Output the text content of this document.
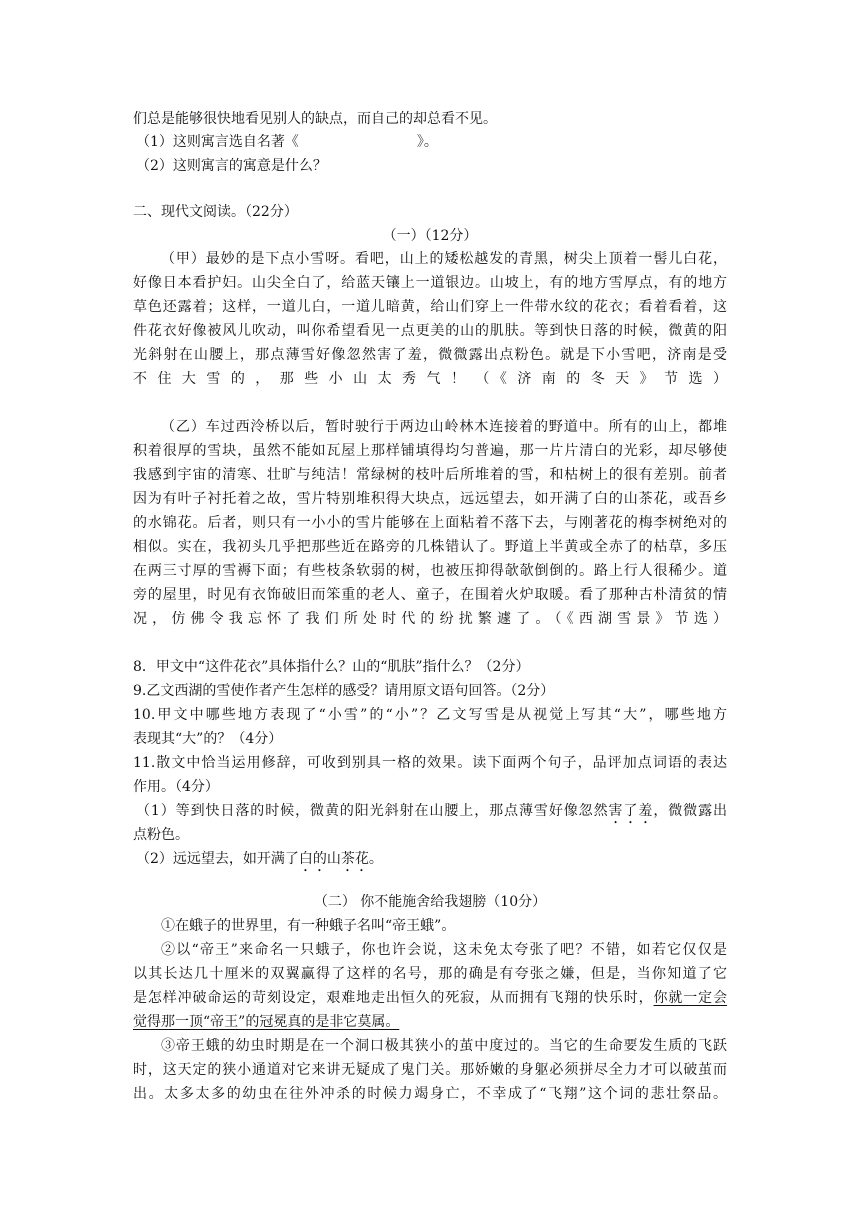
们总是能够很快地看见别人的缺点，而自己的却总看不见。
（1）这则寓言选自名著《	》。
（2）这则寓言的寓意是什么？
二、现代文阅读。（22分）
（一）（12分）
（甲）最妙的是下点小雪呀。看吧，山上的矮松越发的青黑，树尖上顶着一髻儿白花，
好像日本看护妇。山尖全白了，给蓝天镶上一道银边。山坡上，有的地方雪厚点，有的地方
草色还露着；这样，一道儿白，一道儿暗黄，给山们穿上一件带水纹的花衣；看着看着，这
件花衣好像被风儿吹动，叫你希望看见一点更美的山的肌肤。等到快日落的时候，微黄的阳
光斜射在山腰上，那点薄雪好像忽然害了羞，微微露出点粉色。就是下小雪吧，济南是受
不住大雪的，那些小山太秀气！（《济南的冬天》节选）
（乙）车过西泠桥以后，暂时驶行于两边山岭林木连接着的野道中。所有的山上，都堆
积着很厚的雪块，虽然不能如瓦屋上那样铺填得均匀普遍，那一片片清白的光彩，却尽够使
我感到宇宙的清寒、壮旷与纯洁！常绿树的枝叶后所堆着的雪，和枯树上的很有差别。前者
因为有叶子衬托着之故，雪片特别堆积得大块点，远远望去，如开满了白的山茶花，或吾乡
的水锦花。后者，则只有一小小的雪片能够在上面粘着不落下去，与刚著花的梅李树绝对的
相似。实在，我初头几乎把那些近在路旁的几株错认了。野道上半黄或全赤了的枯草，多压
在两三寸厚的雪褥下面；有些枝条软弱的树，也被压抑得欹欹倒倒的。路上行人很稀少。道
旁的屋里，时见有衣饰破旧而笨重的老人、童子，在围着火炉取暖。看了那种古朴清贫的情
况，仿佛令我忘怀了我们所处时代的纷扰繁遽了。（《西湖雪景》节选）
8．甲文中“这件花衣”具体指什么？山的“肌肤”指什么？（2分）
9.乙文西湖的雪使作者产生怎样的感受？请用原文语句回答。（2分）
10.甲文中哪些地方表现了“小雪”的“小”？乙文写雪是从视觉上写其“大”，哪些地方
表现其“大”的？（4分）
11.散文中恰当运用修辞，可收到别具一格的效果。读下面两个句子，品评加点词语的表达
作用。（4分）
（1）等到快日落的时候，微黄的阳光斜射在山腰上，那点薄雪好像忽然害了羞，微微露出
点粉色。
（2）远远望去，如开满了白的山茶花。
（二） 你不能施舍给我翅膀（10分）
①在蛾子的世界里，有一种蛾子名叫“帝王蛾”。
②以“帝王”来命名一只蛾子，你也许会说，这未免太夸张了吧？不错，如若它仅仅是
以其长达几十厘米的双翼赢得了这样的名号，那的确是有夸张之嫌，但是，当你知道了它
是怎样冲破命运的苛刻设定，艰难地走出恒久的死寂，从而拥有飞翔的快乐时，你就一定会
觉得那一顶“帝王”的冠冕真的是非它莫属。
③帝王蛾的幼虫时期是在一个洞口极其狭小的茧中度过的。当它的生命要发生质的飞跃
时，这天定的狭小通道对它来讲无疑成了鬼门关。那娇嫩的身躯必须拼尽全力才可以破茧而
出。太多太多的幼虫在往外冲杀的时候力竭身亡，不幸成了“飞翔”这个词的悲壮祭品。
